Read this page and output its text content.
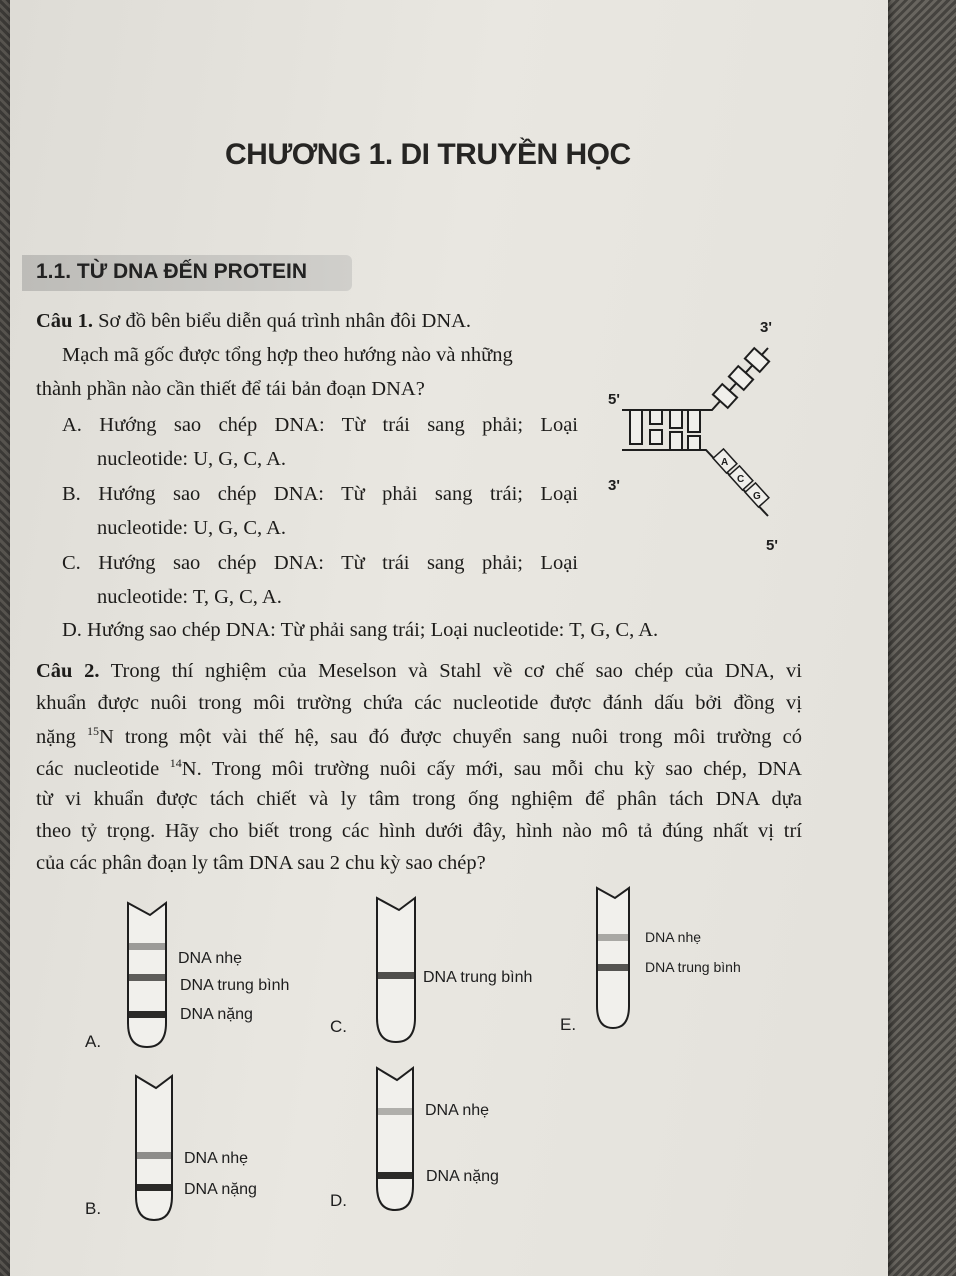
CHƯƠNG 1. DI TRUYỀN HỌC
1.1. TỪ DNA ĐẾN PROTEIN

Câu 1. Sơ đồ bên biểu diễn quá trình nhân đôi DNA.

Mạch mã gốc được tổng hợp theo hướng nào và những

thành phần nào cần thiết để tái bản đoạn DNA?

A. Hướng sao chép DNA: Từ trái sang phải; Loại

nucleotide: U, G, C, A.

B. Hướng sao chép DNA: Từ phải sang trái; Loại

nucleotide: U, G, C, A.

C. Hướng sao chép DNA: Từ trái sang phải; Loại

nucleotide: T, G, C, A.

D. Hướng sao chép DNA: Từ phải sang trái; Loại nucleotide: T, G, C, A.

3'
5'
3'
5'
A
C
G

Câu 2. Trong thí nghiệm của Meselson và Stahl về cơ chế sao chép của DNA, vi

khuẩn được nuôi trong môi trường chứa các nucleotide được đánh dấu bởi đồng vị

nặng $^{15}$N trong một vài thế hệ, sau đó được chuyển sang nuôi trong môi trường có

các nucleotide $^{14}$N. Trong môi trường nuôi cấy mới, sau mỗi chu kỳ sao chép, DNA

từ vi khuẩn được tách chiết và ly tâm trong ống nghiệm để phân tách DNA dựa

theo tỷ trọng. Hãy cho biết trong các hình dưới đây, hình nào mô tả đúng nhất vị trí

của các phân đoạn ly tâm DNA sau 2 chu kỳ sao chép?

DNA nhẹ
DNA trung bình
DNA nặng
A.
DNA trung bình
C.
DNA nhẹ
DNA trung bình
E.
DNA nhẹ
DNA nặng
B.
DNA nhẹ
DNA nặng
D.
